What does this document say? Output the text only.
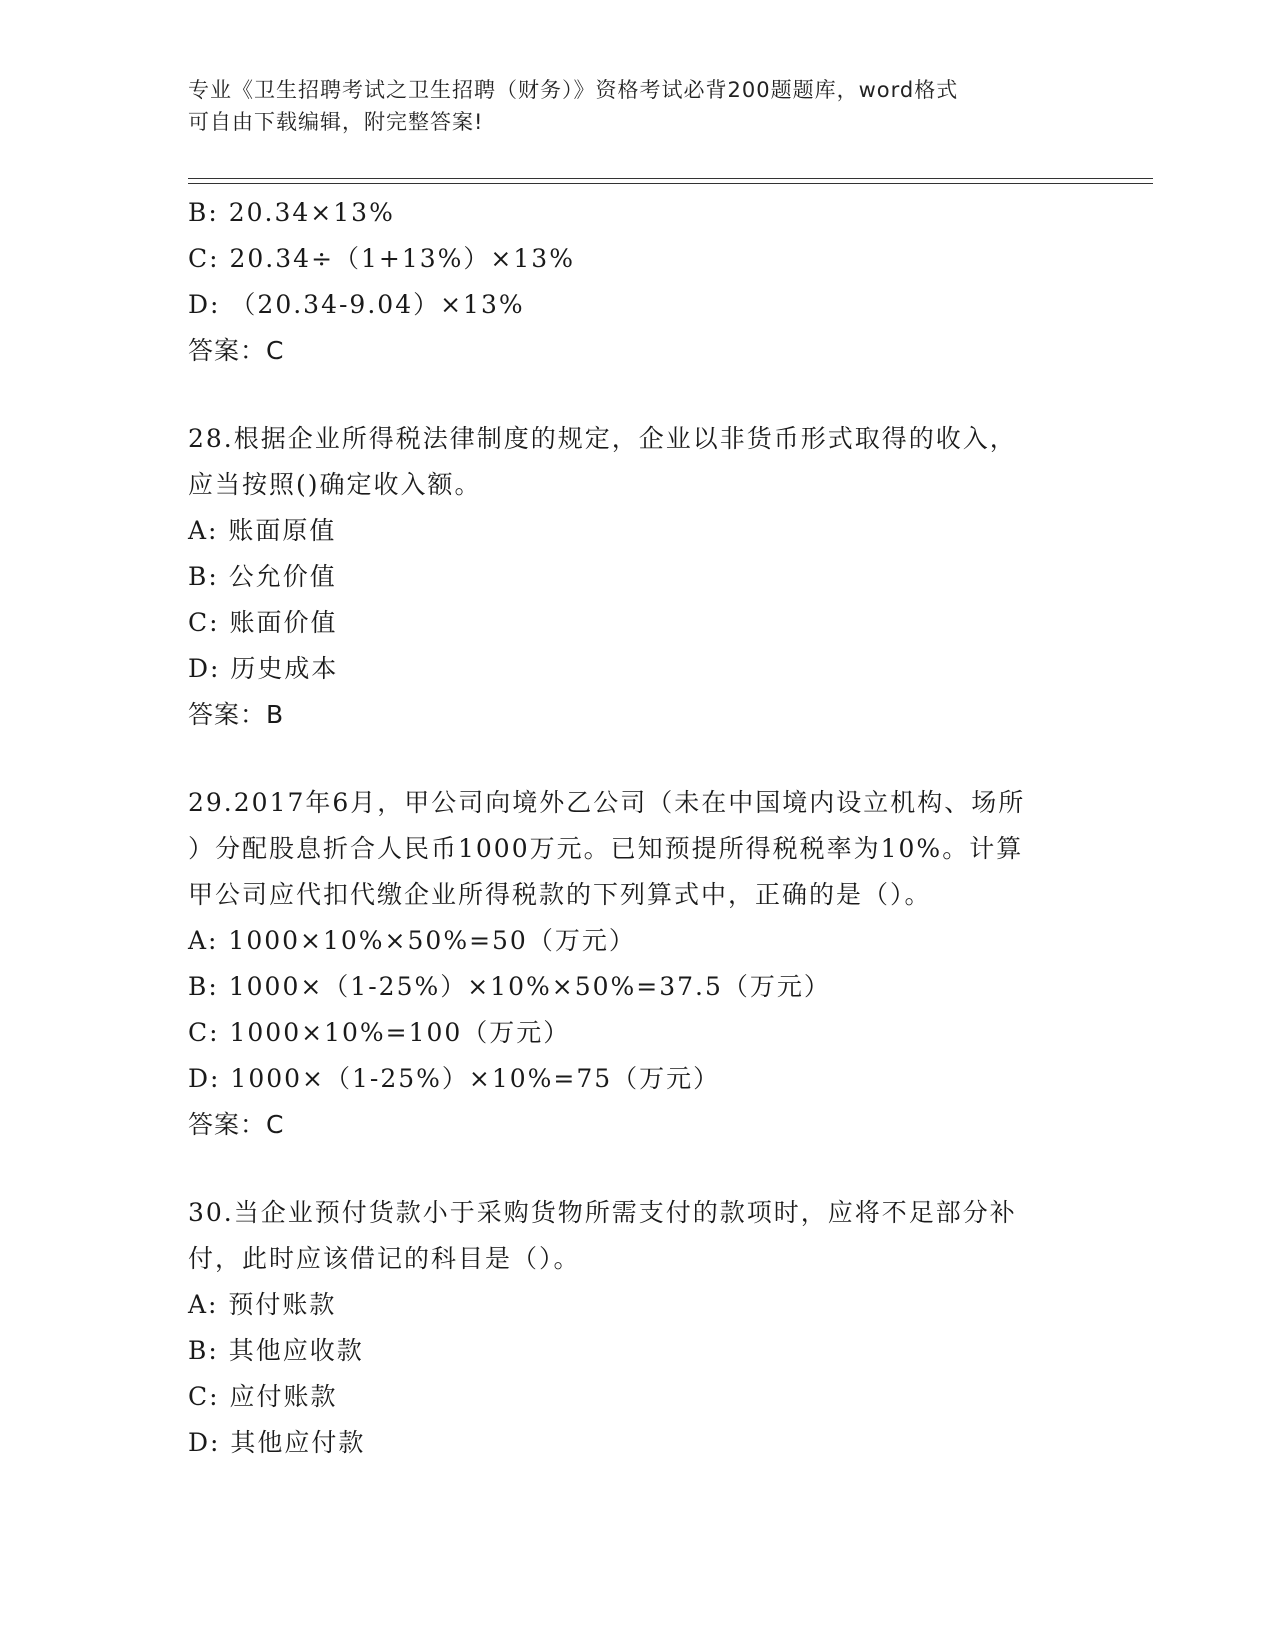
专业《卫生招聘考试之卫生招聘（财务）》资格考试必背200题题库，word格式
可自由下载编辑，附完整答案!
B: 20.34×13%
C: 20.34÷（1+13%）×13%
D: （20.34-9.04）×13%
答案：C
28.根据企业所得税法律制度的规定，企业以非货币形式取得的收入，
应当按照()确定收入额。
A: 账面原值
B: 公允价值
C: 账面价值
D: 历史成本
答案：B
29.2017年6月，甲公司向境外乙公司（未在中国境内设立机构、场所
）分配股息折合人民币1000万元。已知预提所得税税率为10%。计算
甲公司应代扣代缴企业所得税款的下列算式中，正确的是（）。
A: 1000×10%×50%=50（万元）
B: 1000×（1-25%）×10%×50%=37.5（万元）
C: 1000×10%=100（万元）
D: 1000×（1-25%）×10%=75（万元）
答案：C
30.当企业预付货款小于采购货物所需支付的款项时，应将不足部分补
付，此时应该借记的科目是（）。
A: 预付账款
B: 其他应收款
C: 应付账款
D: 其他应付款
